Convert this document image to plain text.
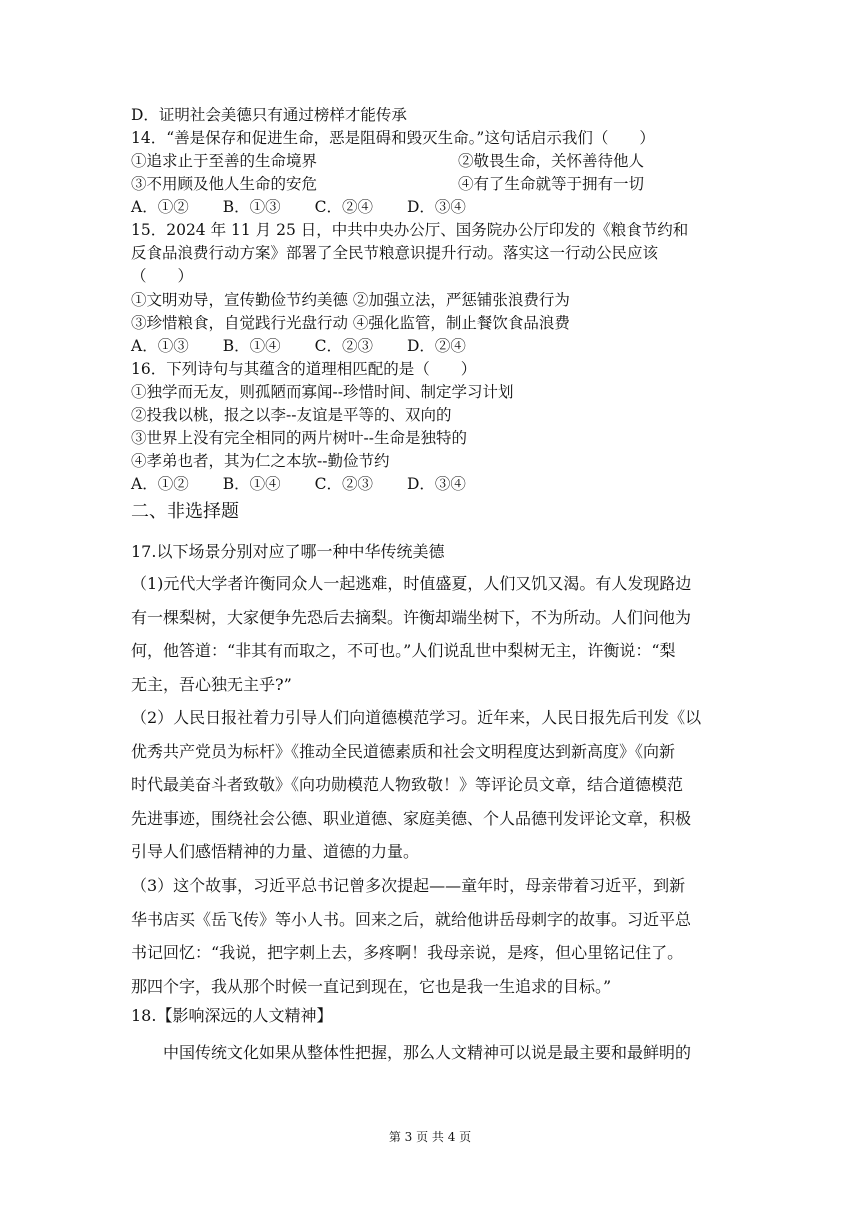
D．证明社会美德只有通过榜样才能传承
14．“善是保存和促进生命，恶是阻碍和毁灭生命。”这句话启示我们（　　）
①追求止于至善的生命境界	②敬畏生命，关怀善待他人
③不用顾及他人生命的安危	④有了生命就等于拥有一切
A．①② B．①③ C．②④ D．③④
15．2024 年 11 月 25 日，中共中央办公厅、国务院办公厅印发的《粮食节约和
反食品浪费行动方案》部署了全民节粮意识提升行动。落实这一行动公民应该
（　　）
①文明劝导，宣传勤俭节约美德 ②加强立法，严惩铺张浪费行为
③珍惜粮食，自觉践行光盘行动 ④强化监管，制止餐饮食品浪费
A．①③ B．①④ C．②③ D．②④
16．下列诗句与其蕴含的道理相匹配的是（　　）
①独学而无友，则孤陋而寡闻--珍惜时间、制定学习计划
②投我以桃，报之以李--友谊是平等的、双向的
③世界上没有完全相同的两片树叶--生命是独特的
④孝弟也者，其为仁之本欤--勤俭节约
A．①② B．①④ C．②③ D．③④
二、非选择题
17.以下场景分别对应了哪一种中华传统美德
（1)元代大学者许衡同众人一起逃难，时值盛夏，人们又饥又渴。有人发现路边
有一棵梨树，大家便争先恐后去摘梨。许衡却端坐树下，不为所动。人们问他为
何，他答道：“非其有而取之，不可也。”人们说乱世中梨树无主，许衡说：“梨
无主，吾心独无主乎?”
（2）人民日报社着力引导人们向道德模范学习。近年来，人民日报先后刊发《以
优秀共产党员为标杆》《推动全民道德素质和社会文明程度达到新高度》《向新
时代最美奋斗者致敬》《向功勋模范人物致敬！》等评论员文章，结合道德模范
先进事迹，围绕社会公德、职业道德、家庭美德、个人品德刊发评论文章，积极
引导人们感悟精神的力量、道德的力量。
（3）这个故事，习近平总书记曾多次提起——童年时，母亲带着习近平，到新
华书店买《岳飞传》等小人书。回来之后，就给他讲岳母刺字的故事。习近平总
书记回忆：“我说，把字刺上去，多疼啊！我母亲说，是疼，但心里铭记住了。
那四个字，我从那个时候一直记到现在，它也是我一生追求的目标。”
18.【影响深远的人文精神】
　　中国传统文化如果从整体性把握，那么人文精神可以说是最主要和最鲜明的
第 3 页 共 4 页
